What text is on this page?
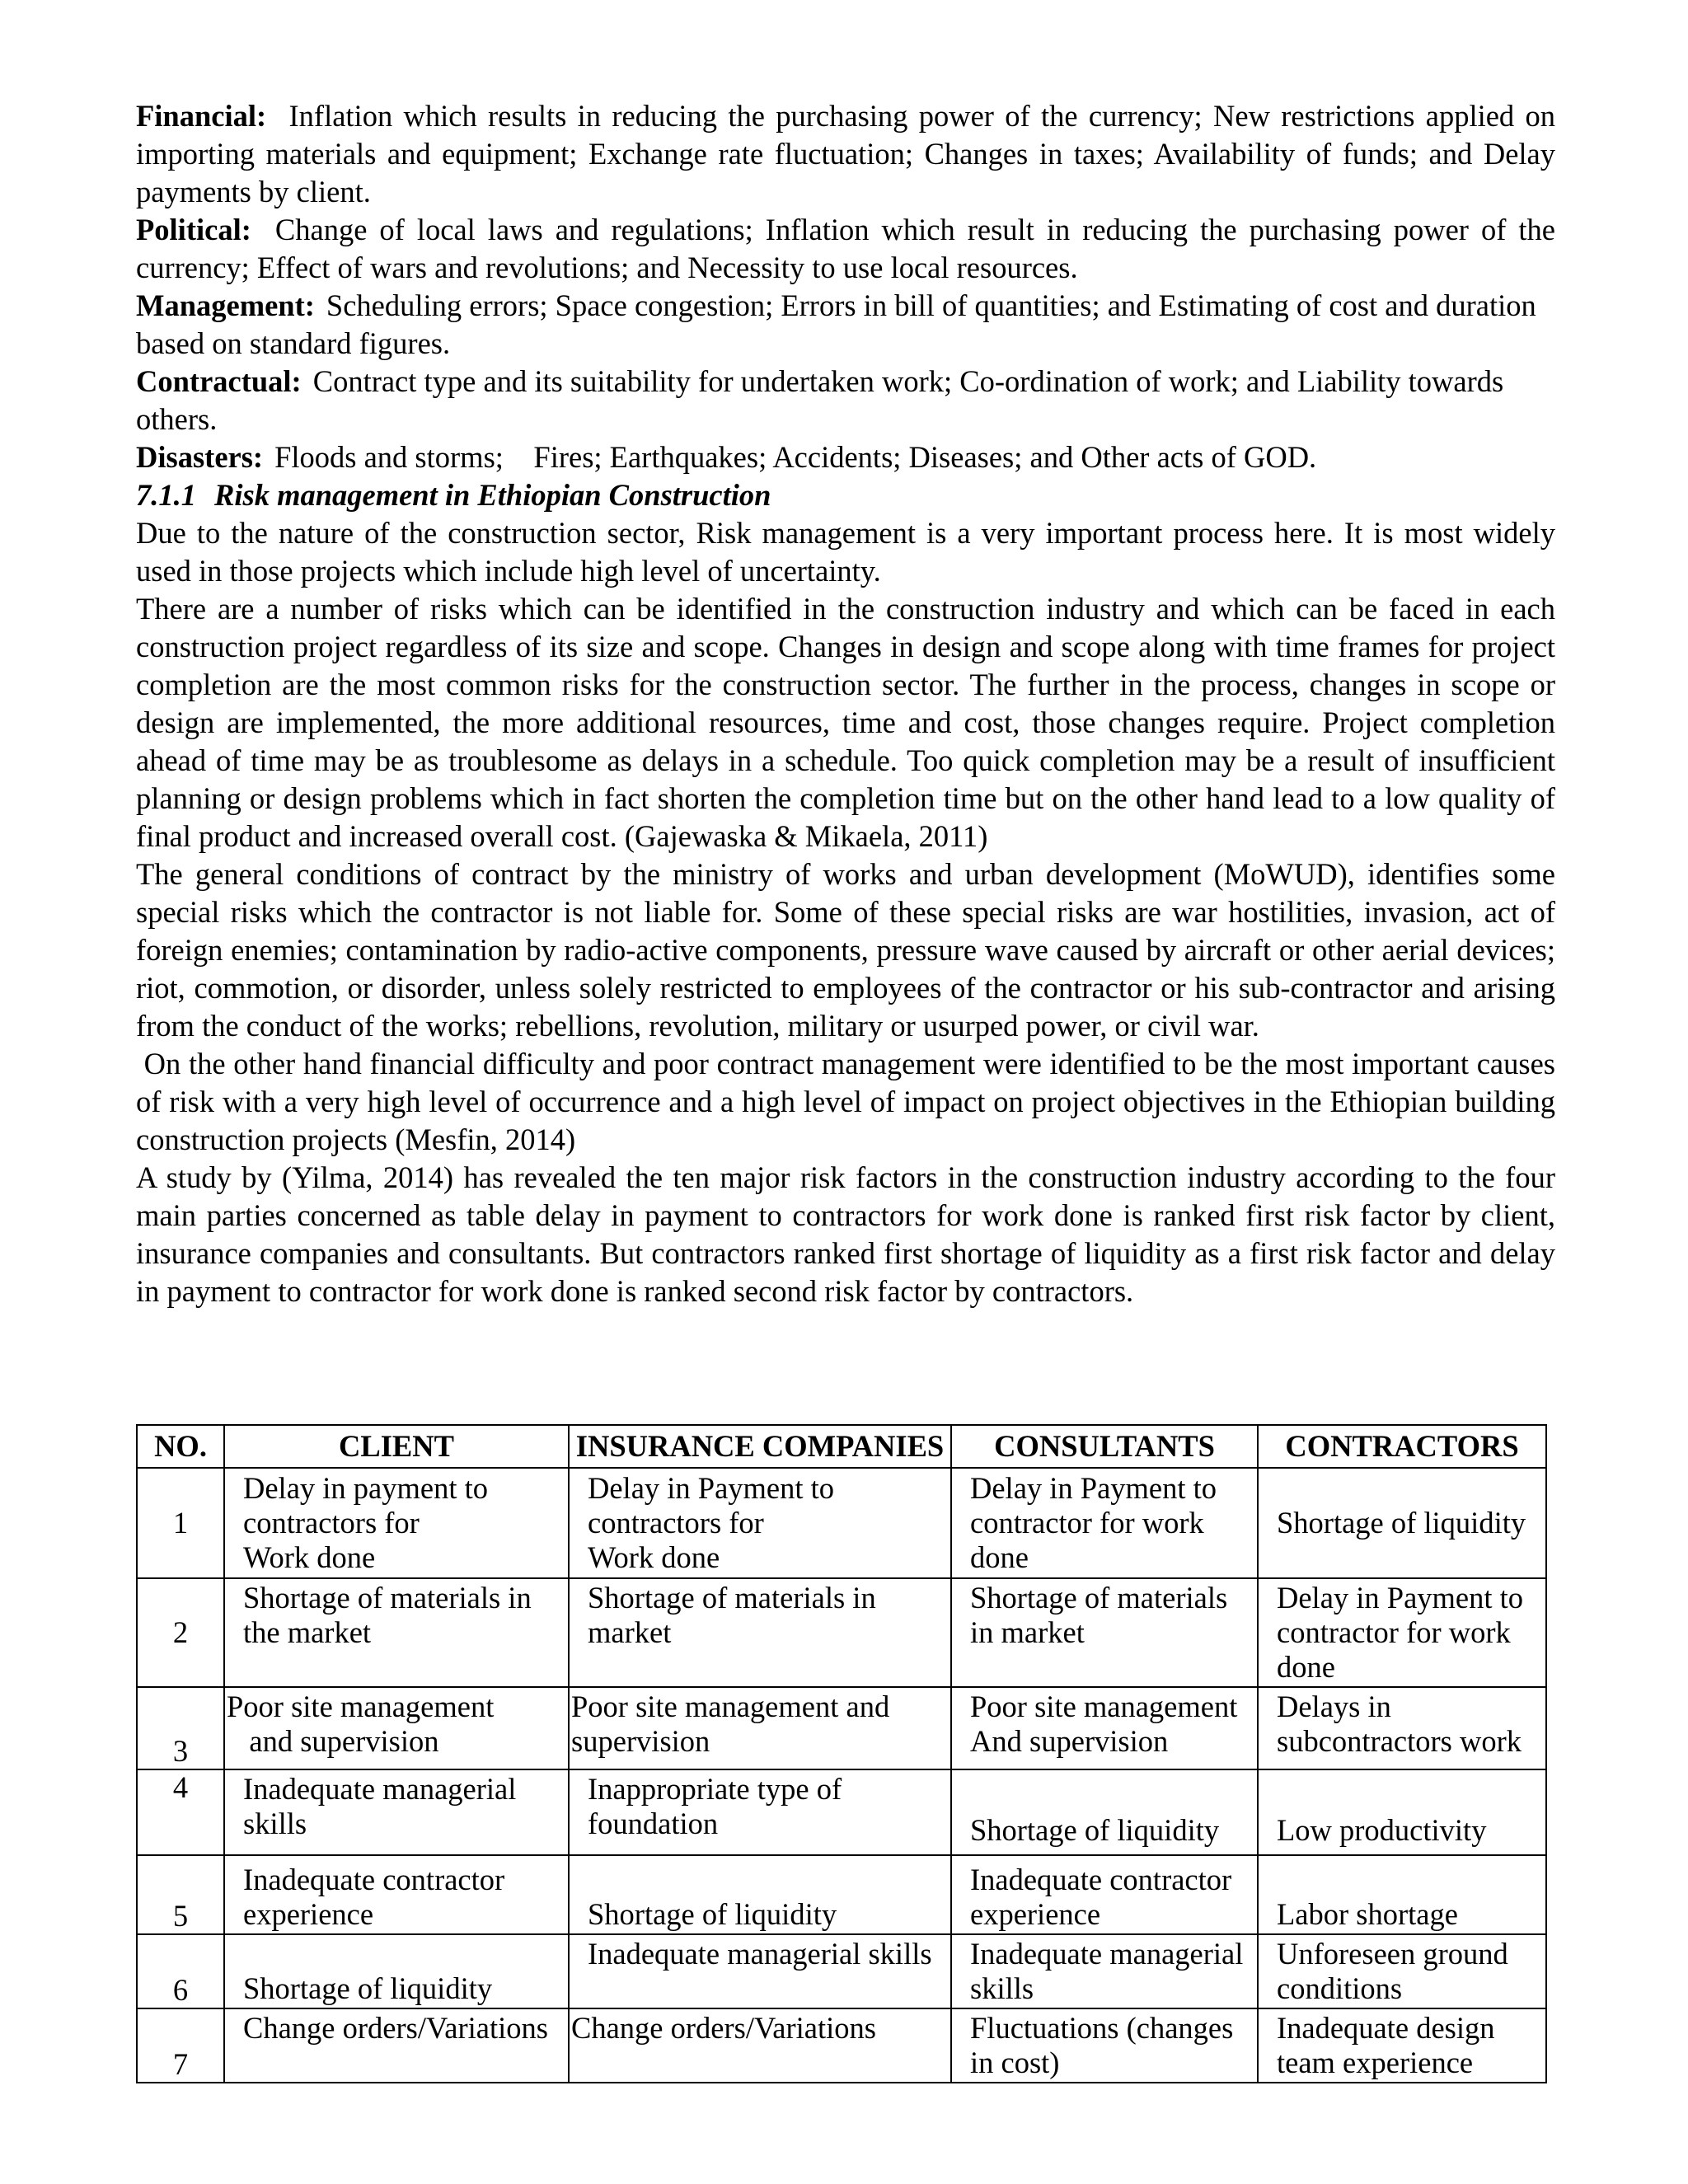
Financial: Inflation which results in reducing the purchasing power of the currency; New restrictions applied on importing materials and equipment; Exchange rate fluctuation; Changes in taxes; Availability of funds; and Delay payments by client.

Political: Change of local laws and regulations; Inflation which result in reducing the purchasing power of the currency; Effect of wars and revolutions; and Necessity to use local resources.

Management: Scheduling errors; Space congestion; Errors in bill of quantities; and Estimating of cost and duration based on standard figures.

Contractual: Contract type and its suitability for undertaken work; Co-ordination of work; and Liability towards others.

Disasters: Floods and storms;    Fires; Earthquakes; Accidents; Diseases; and Other acts of GOD.

7.1.1 Risk management in Ethiopian Construction

Due to the nature of the construction sector, Risk management is a very important process here. It is most widely used in those projects which include high level of uncertainty.

There are a number of risks which can be identified in the construction industry and which can be faced in each construction project regardless of its size and scope. Changes in design and scope along with time frames for project completion are the most common risks for the construction sector. The further in the process, changes in scope or design are implemented, the more additional resources, time and cost, those changes require. Project completion ahead of time may be as troublesome as delays in a schedule. Too quick completion may be a result of insufficient planning or design problems which in fact shorten the completion time but on the other hand lead to a low quality of final product and increased overall cost. (Gajewaska & Mikaela, 2011)

The general conditions of contract by the ministry of works and urban development (MoWUD), identifies some special risks which the contractor is not liable for. Some of these special risks are war hostilities, invasion, act of foreign enemies; contamination by radio-active components, pressure wave caused by aircraft or other aerial devices; riot, commotion, or disorder, unless solely restricted to employees of the contractor or his sub-contractor and arising from the conduct of the works; rebellions, revolution, military or usurped power, or civil war.

On the other hand financial difficulty and poor contract management were identified to be the most important causes of risk with a very high level of occurrence and a high level of impact on project objectives in the Ethiopian building construction projects (Mesfin, 2014)

A study by (Yilma, 2014) has revealed the ten major risk factors in the construction industry according to the four main parties concerned as table delay in payment to contractors for work done is ranked first risk factor by client, insurance companies and consultants. But contractors ranked first shortage of liquidity as a first risk factor and delay in payment to contractor for work done is ranked second risk factor by contractors.

NO.	CLIENT	INSURANCE COMPANIES	CONSULTANTS	CONTRACTORS
1	Delay in payment to
contractors for
Work done	Delay in Payment to
contractors for
Work done	Delay in Payment to
contractor for work
done	Shortage of liquidity
2	Shortage of materials in
the market	Shortage of materials in
market	Shortage of materials
in market	Delay in Payment to
contractor for work
done
3	Poor site management
and supervision	Poor site management and
supervision	Poor site management
And supervision	Delays in
subcontractors work
4	Inadequate managerial
skills	Inappropriate type of
foundation	Shortage of liquidity	Low productivity
5	Inadequate contractor
experience	Shortage of liquidity	Inadequate contractor
experience	Labor shortage
6	Shortage of liquidity	Inadequate managerial skills	Inadequate managerial
skills	Unforeseen ground
conditions
7	Change orders/Variations	Change orders/Variations	Fluctuations (changes
in cost)	Inadequate design
team experience
